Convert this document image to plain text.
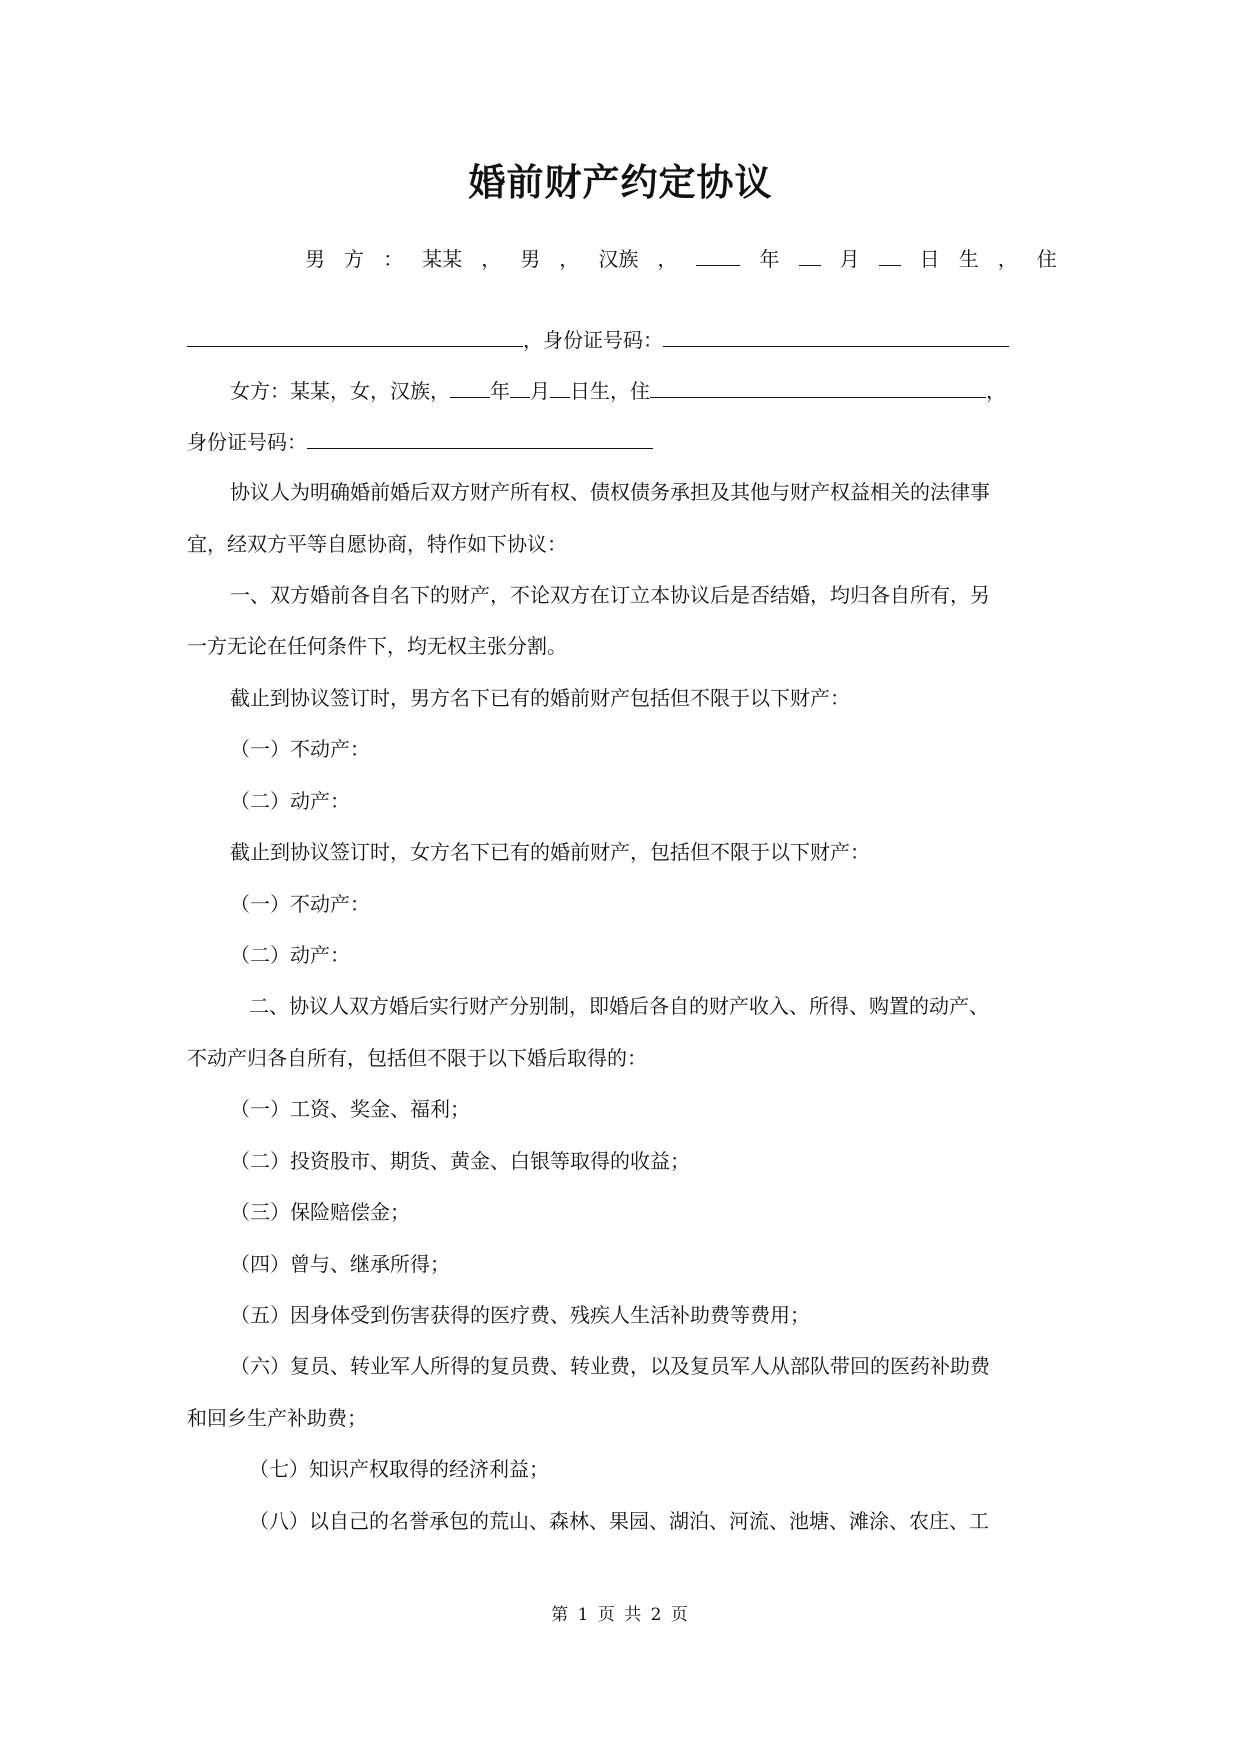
婚前财产约定协议
男 方 ： 某某 ， 男 ， 汉族 ，	年	月	日 生 ， 住
，身份证号码：
女方：某某，女，汉族， 年 月 日生，住	，
身份证号码：
协议人为明确婚前婚后双方财产所有权、债权债务承担及其他与财产权益相关的法律事
宜，经双方平等自愿协商，特作如下协议：
一、双方婚前各自名下的财产，不论双方在订立本协议后是否结婚，均归各自所有，另
一方无论在任何条件下，均无权主张分割。
截止到协议签订时，男方名下已有的婚前财产包括但不限于以下财产：
（一）不动产：
（二）动产：
截止到协议签订时，女方名下已有的婚前财产，包括但不限于以下财产：
（一）不动产：
（二）动产：
二、协议人双方婚后实行财产分别制，即婚后各自的财产收入、所得、购置的动产、
不动产归各自所有，包括但不限于以下婚后取得的：
（一）工资、奖金、福利；
（二）投资股市、期货、黄金、白银等取得的收益；
（三）保险赔偿金；
（四）曾与、继承所得；
（五）因身体受到伤害获得的医疗费、残疾人生活补助费等费用；
（六）复员、转业军人所得的复员费、转业费，以及复员军人从部队带回的医药补助费
和回乡生产补助费；
（七）知识产权取得的经济利益；
（八）以自己的名誉承包的荒山、森林、果园、湖泊、河流、池塘、滩涂、农庄、工
第 1 页 共 2 页
